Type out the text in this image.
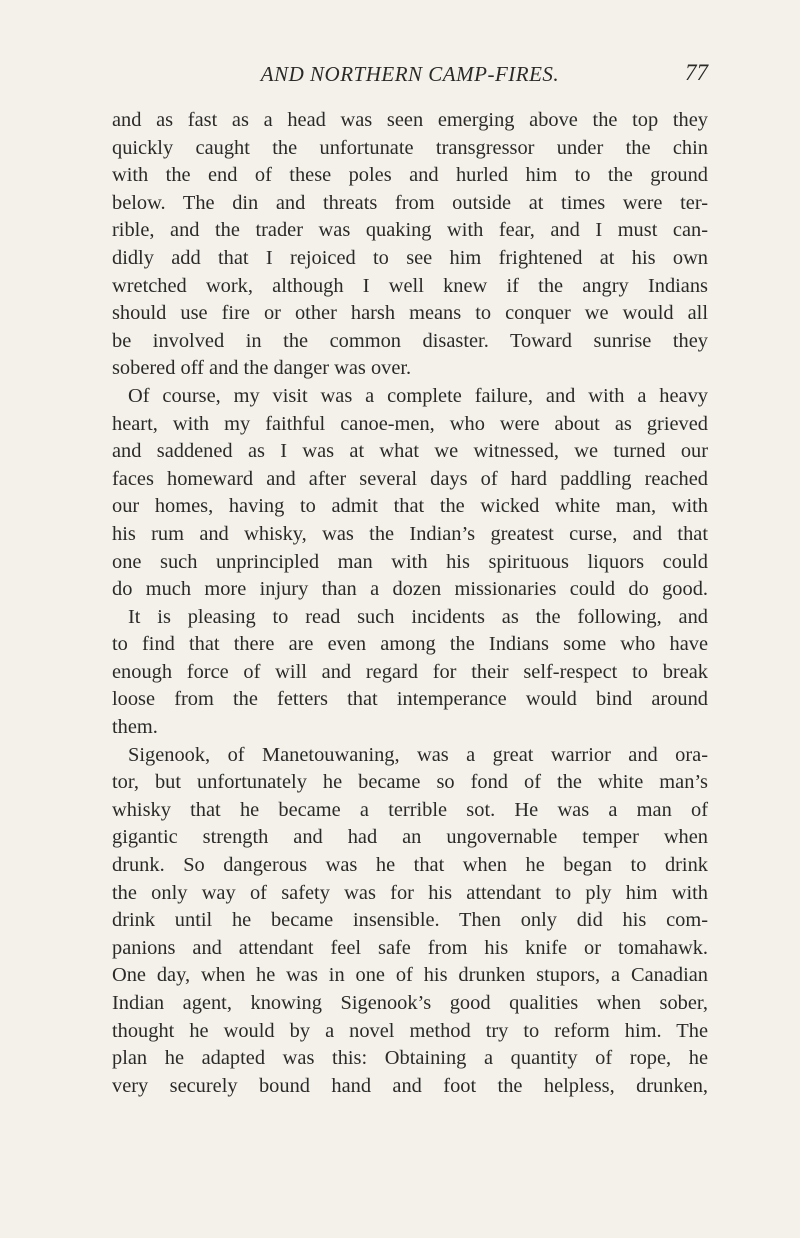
AND NORTHERN CAMP-FIRES.	77
and as fast as a head was seen emerging above the top they
quickly caught the unfortunate transgressor under the chin
with the end of these poles and hurled him to the ground
below. The din and threats from outside at times were ter-
rible, and the trader was quaking with fear, and I must can-
didly add that I rejoiced to see him frightened at his own
wretched work, although I well knew if the angry Indians
should use fire or other harsh means to conquer we would all
be involved in the common disaster. Toward sunrise they
sobered off and the danger was over.
Of course, my visit was a complete failure, and with a heavy
heart, with my faithful canoe-men, who were about as grieved
and saddened as I was at what we witnessed, we turned our
faces homeward and after several days of hard paddling reached
our homes, having to admit that the wicked white man, with
his rum and whisky, was the Indian’s greatest curse, and that
one such unprincipled man with his spirituous liquors could
do much more injury than a dozen missionaries could do good.
It is pleasing to read such incidents as the following, and
to find that there are even among the Indians some who have
enough force of will and regard for their self-respect to break
loose from the fetters that intemperance would bind around
them.
Sigenook, of Manetouwaning, was a great warrior and ora-
tor, but unfortunately he became so fond of the white man’s
whisky that he became a terrible sot. He was a man of
gigantic strength and had an ungovernable temper when
drunk. So dangerous was he that when he began to drink
the only way of safety was for his attendant to ply him with
drink until he became insensible. Then only did his com-
panions and attendant feel safe from his knife or tomahawk.
One day, when he was in one of his drunken stupors, a Canadian
Indian agent, knowing Sigenook’s good qualities when sober,
thought he would by a novel method try to reform him. The
plan he adapted was this: Obtaining a quantity of rope, he
very securely bound hand and foot the helpless, drunken,
